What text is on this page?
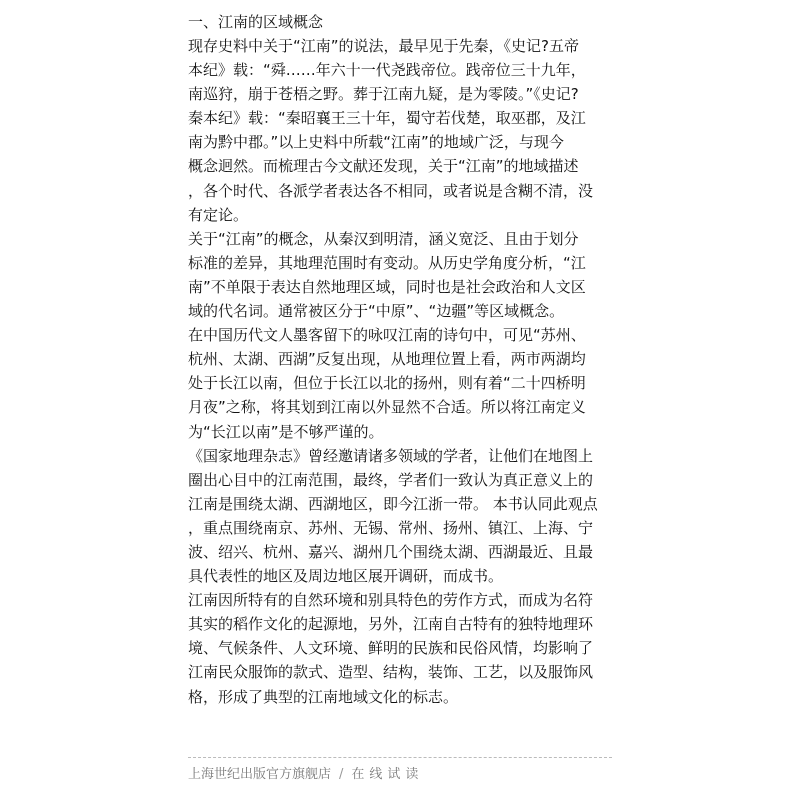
一、江南的区域概念
现存史料中关于“江南”的说法，最早见于先秦，《史记?五帝
本纪》载：“舜……年六十一代尧践帝位。践帝位三十九年，
南巡狩，崩于苍梧之野。葬于江南九疑，是为零陵。”《史记?
秦本纪》载：“秦昭襄王三十年，蜀守若伐楚，取巫郡，及江
南为黔中郡。”以上史料中所载“江南”的地域广泛，与现今
概念迥然。而梳理古今文献还发现，关于“江南”的地域描述
，各个时代、各派学者表达各不相同，或者说是含糊不清，没
有定论。
关于“江南”的概念，从秦汉到明清，涵义宽泛、且由于划分
标准的差异，其地理范围时有变动。从历史学角度分析，“江
南”不单限于表达自然地理区域，同时也是社会政治和人文区
域的代名词。通常被区分于“中原”、“边疆”等区域概念。
在中国历代文人墨客留下的咏叹江南的诗句中，可见“苏州、
杭州、太湖、西湖”反复出现，从地理位置上看，两市两湖均
处于长江以南，但位于长江以北的扬州，则有着“二十四桥明
月夜”之称，将其划到江南以外显然不合适。所以将江南定义
为“长江以南”是不够严谨的。
《国家地理杂志》曾经邀请诸多领域的学者，让他们在地图上
圈出心目中的江南范围，最终，学者们一致认为真正意义上的
江南是围绕太湖、西湖地区，即今江浙一带。 本书认同此观点
，重点围绕南京、苏州、无锡、常州、扬州、镇江、上海、宁
波、绍兴、杭州、嘉兴、湖州几个围绕太湖、西湖最近、且最
具代表性的地区及周边地区展开调研，而成书。
江南因所特有的自然环境和别具特色的劳作方式，而成为名符
其实的稻作文化的起源地，另外，江南自古特有的独特地理环
境、气候条件、人文环境、鲜明的民族和民俗风情，均影响了
江南民众服饰的款式、造型、结构，装饰、工艺，以及服饰风
格，形成了典型的江南地域文化的标志。
上海世纪出版官方旗舰店 / 在线试读
